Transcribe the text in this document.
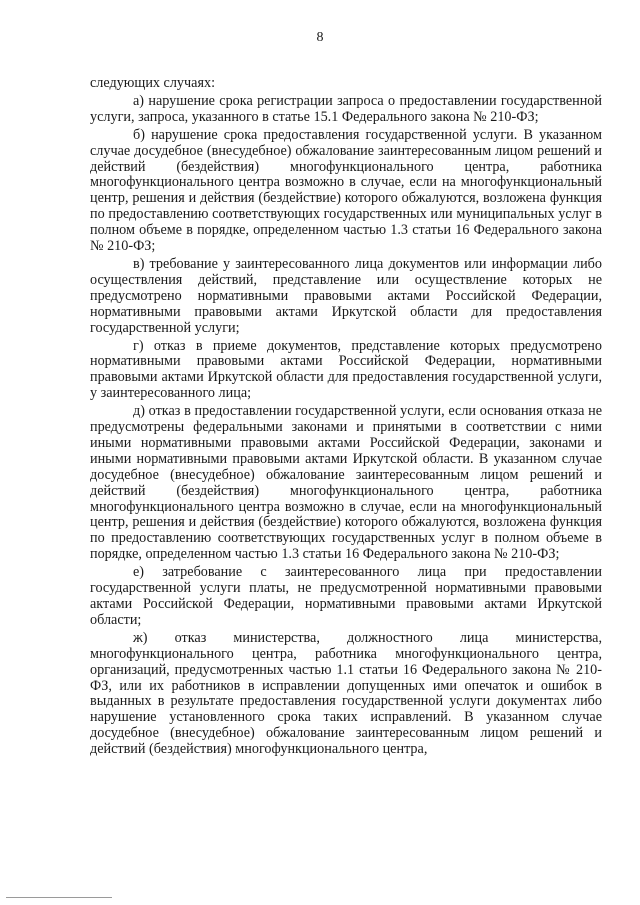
8

следующих случаях:

а) нарушение срока регистрации запроса о предоставлении государственной услуги, запроса, указанного в статье 15.1 Федерального закона № 210-ФЗ;

б) нарушение срока предоставления государственной услуги. В указанном случае досудебное (внесудебное) обжалование заинтересованным лицом решений и действий (бездействия) многофункционального центра, работника многофункционального центра возможно в случае, если на многофункциональный центр, решения и действия (бездействие) которого обжалуются, возложена функция по предоставлению соответствующих государственных или муниципальных услуг в полном объеме в порядке, определенном частью 1.3 статьи 16 Федерального закона № 210-ФЗ;

в) требование у заинтересованного лица документов или информации либо осуществления действий, представление или осуществление которых не предусмотрено нормативными правовыми актами Российской Федерации, нормативными правовыми актами Иркутской области для предоставления государственной услуги;

г) отказ в приеме документов, представление которых предусмотрено нормативными правовыми актами Российской Федерации, нормативными правовыми актами Иркутской области для предоставления государственной услуги, у заинтересованного лица;

д) отказ в предоставлении государственной услуги, если основания отказа не предусмотрены федеральными законами и принятыми в соответствии с ними иными нормативными правовыми актами Российской Федерации, законами и иными нормативными правовыми актами Иркутской области. В указанном случае досудебное (внесудебное) обжалование заинтересованным лицом решений и действий (бездействия) многофункционального центра, работника многофункционального центра возможно в случае, если на многофункциональный центр, решения и действия (бездействие) которого обжалуются, возложена функция по предоставлению соответствующих государственных услуг в полном объеме в порядке, определенном частью 1.3 статьи 16 Федерального закона № 210-ФЗ;

е) затребование с заинтересованного лица при предоставлении государственной услуги платы, не предусмотренной нормативными правовыми актами Российской Федерации, нормативными правовыми актами Иркутской области;

ж) отказ министерства, должностного лица министерства, многофункционального центра, работника многофункционального центра, организаций, предусмотренных частью 1.1 статьи 16 Федерального закона № 210-ФЗ, или их работников в исправлении допущенных ими опечаток и ошибок в выданных в результате предоставления государственной услуги документах либо нарушение установленного срока таких исправлений. В указанном случае досудебное (внесудебное) обжалование заинтересованным лицом решений и действий (бездействия) многофункционального центра,
